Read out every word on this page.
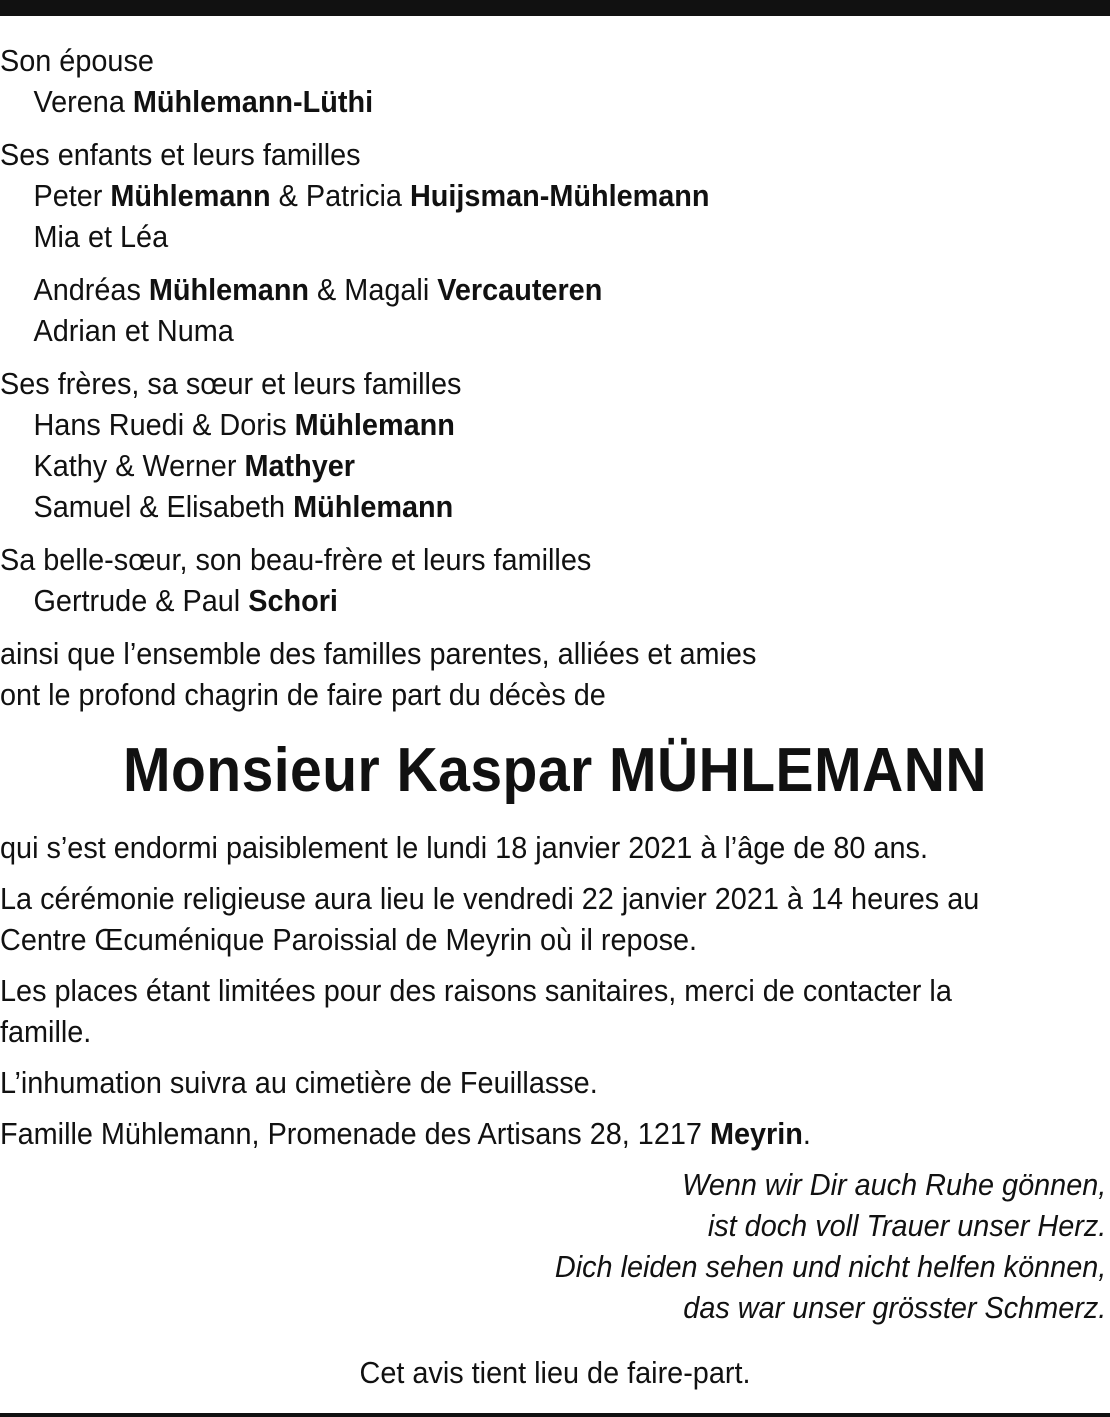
Son épouse
Verena Mühlemann-Lüthi
Ses enfants et leurs familles
Peter Mühlemann & Patricia Huijsman-Mühlemann
Mia et Léa
Andréas Mühlemann & Magali Vercauteren
Adrian et Numa
Ses frères, sa sœur et leurs familles
Hans Ruedi & Doris Mühlemann
Kathy & Werner Mathyer
Samuel & Elisabeth Mühlemann
Sa belle-sœur, son beau-frère et leurs familles
Gertrude & Paul Schori
ainsi que l’ensemble des familles parentes, alliées et amies
ont le profond chagrin de faire part du décès de
Monsieur Kaspar MÜHLEMANN
qui s’est endormi paisiblement le lundi 18 janvier 2021 à l’âge de 80 ans.
La cérémonie religieuse aura lieu le vendredi 22 janvier 2021 à 14 heures au
Centre Œcuménique Paroissial de Meyrin où il repose.
Les places étant limitées pour des raisons sanitaires, merci de contacter la
famille.
L’inhumation suivra au cimetière de Feuillasse.
Famille Mühlemann, Promenade des Artisans 28, 1217 Meyrin.
Wenn wir Dir auch Ruhe gönnen,
ist doch voll Trauer unser Herz.
Dich leiden sehen und nicht helfen können,
das war unser grösster Schmerz.
Cet avis tient lieu de faire-part.
